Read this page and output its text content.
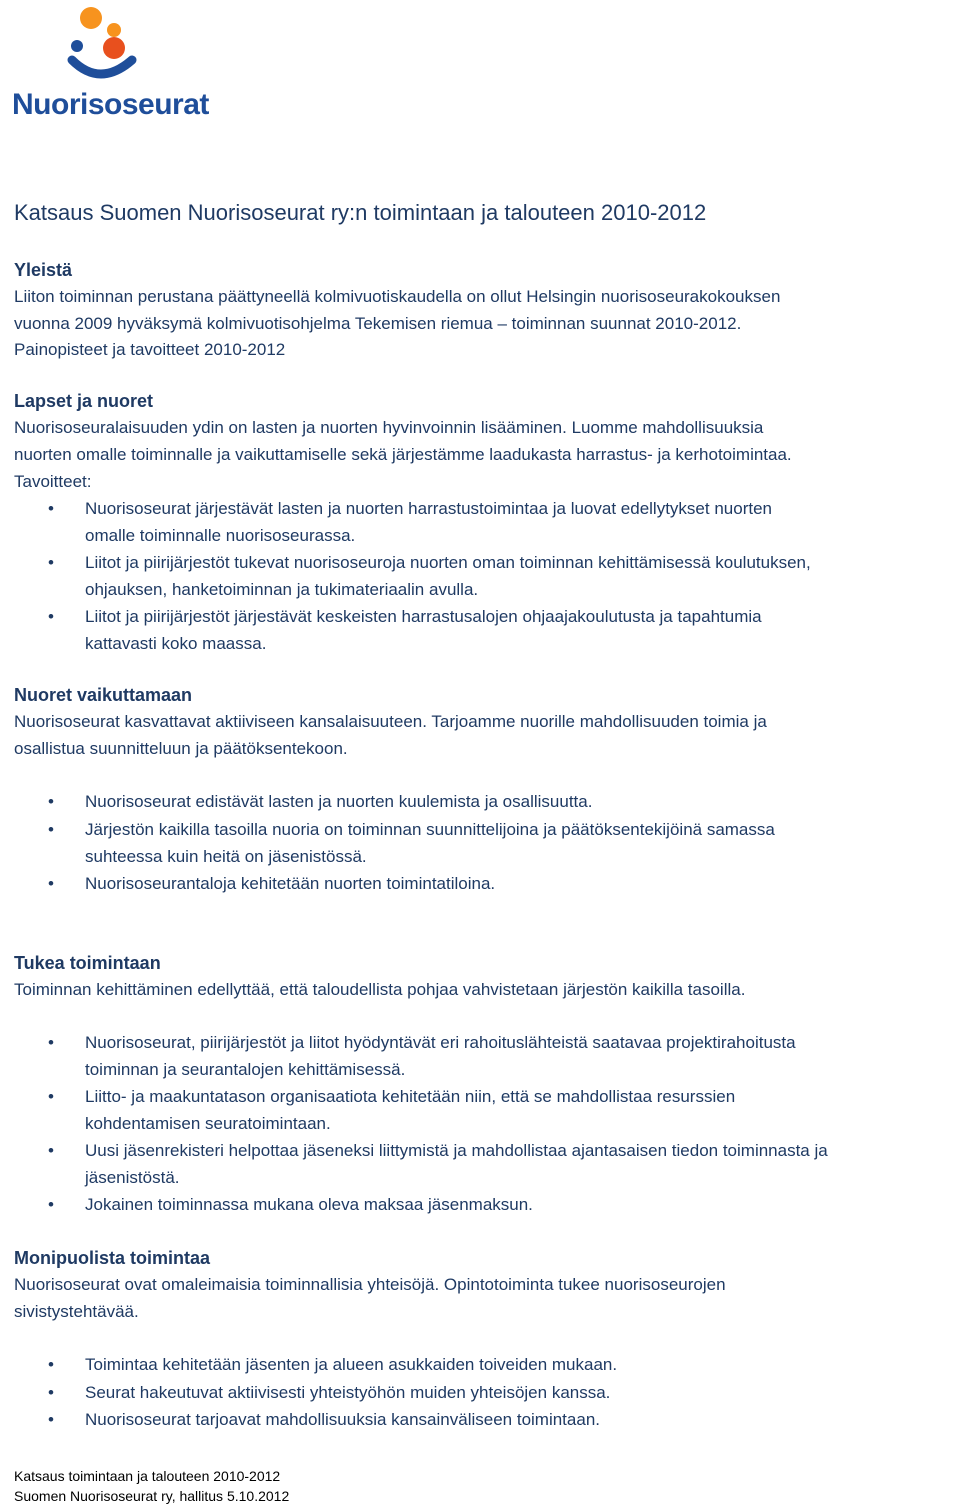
Nuorisoseurat
Katsaus Suomen Nuorisoseurat ry:n toimintaan ja talouteen 2010-2012
Yleistä
Liiton toiminnan perustana päättyneellä kolmivuotiskaudella on ollut Helsingin nuorisoseurakokouksen
vuonna 2009 hyväksymä kolmivuotisohjelma Tekemisen riemua – toiminnan suunnat 2010-2012.
Painopisteet ja tavoitteet 2010-2012
Lapset ja nuoret
Nuorisoseuralaisuuden ydin on lasten ja nuorten hyvinvoinnin lisääminen. Luomme mahdollisuuksia
nuorten omalle toiminnalle ja vaikuttamiselle sekä järjestämme laadukasta harrastus- ja kerhotoimintaa.
Tavoitteet:
• Nuorisoseurat järjestävät lasten ja nuorten harrastustoimintaa ja luovat edellytykset nuorten
omalle toiminnalle nuorisoseurassa.
• Liitot ja piirijärjestöt tukevat nuorisoseuroja nuorten oman toiminnan kehittämisessä koulutuksen,
ohjauksen, hanketoiminnan ja tukimateriaalin avulla.
• Liitot ja piirijärjestöt järjestävät keskeisten harrastusalojen ohjaajakoulutusta ja tapahtumia
kattavasti koko maassa.
Nuoret vaikuttamaan
Nuorisoseurat kasvattavat aktiiviseen kansalaisuuteen. Tarjoamme nuorille mahdollisuuden toimia ja
osallistua suunnitteluun ja päätöksentekoon.
• Nuorisoseurat edistävät lasten ja nuorten kuulemista ja osallisuutta.
• Järjestön kaikilla tasoilla nuoria on toiminnan suunnittelijoina ja päätöksentekijöinä samassa
suhteessa kuin heitä on jäsenistössä.
• Nuorisoseurantaloja kehitetään nuorten toimintatiloina.
Tukea toimintaan
Toiminnan kehittäminen edellyttää, että taloudellista pohjaa vahvistetaan järjestön kaikilla tasoilla.
• Nuorisoseurat, piirijärjestöt ja liitot hyödyntävät eri rahoituslähteistä saatavaa projektirahoitusta
toiminnan ja seurantalojen kehittämisessä.
• Liitto- ja maakuntatason organisaatiota kehitetään niin, että se mahdollistaa resurssien
kohdentamisen seuratoimintaan.
• Uusi jäsenrekisteri helpottaa jäseneksi liittymistä ja mahdollistaa ajantasaisen tiedon toiminnasta ja
jäsenistöstä.
• Jokainen toiminnassa mukana oleva maksaa jäsenmaksun.
Monipuolista toimintaa
Nuorisoseurat ovat omaleimaisia toiminnallisia yhteisöjä. Opintotoiminta tukee nuorisoseurojen
sivistystehtävää.
• Toimintaa kehitetään jäsenten ja alueen asukkaiden toiveiden mukaan.
• Seurat hakeutuvat aktiivisesti yhteistyöhön muiden yhteisöjen kanssa.
• Nuorisoseurat tarjoavat mahdollisuuksia kansainväliseen toimintaan.
Katsaus toimintaan ja talouteen 2010-2012
Suomen Nuorisoseurat ry, hallitus 5.10.2012
